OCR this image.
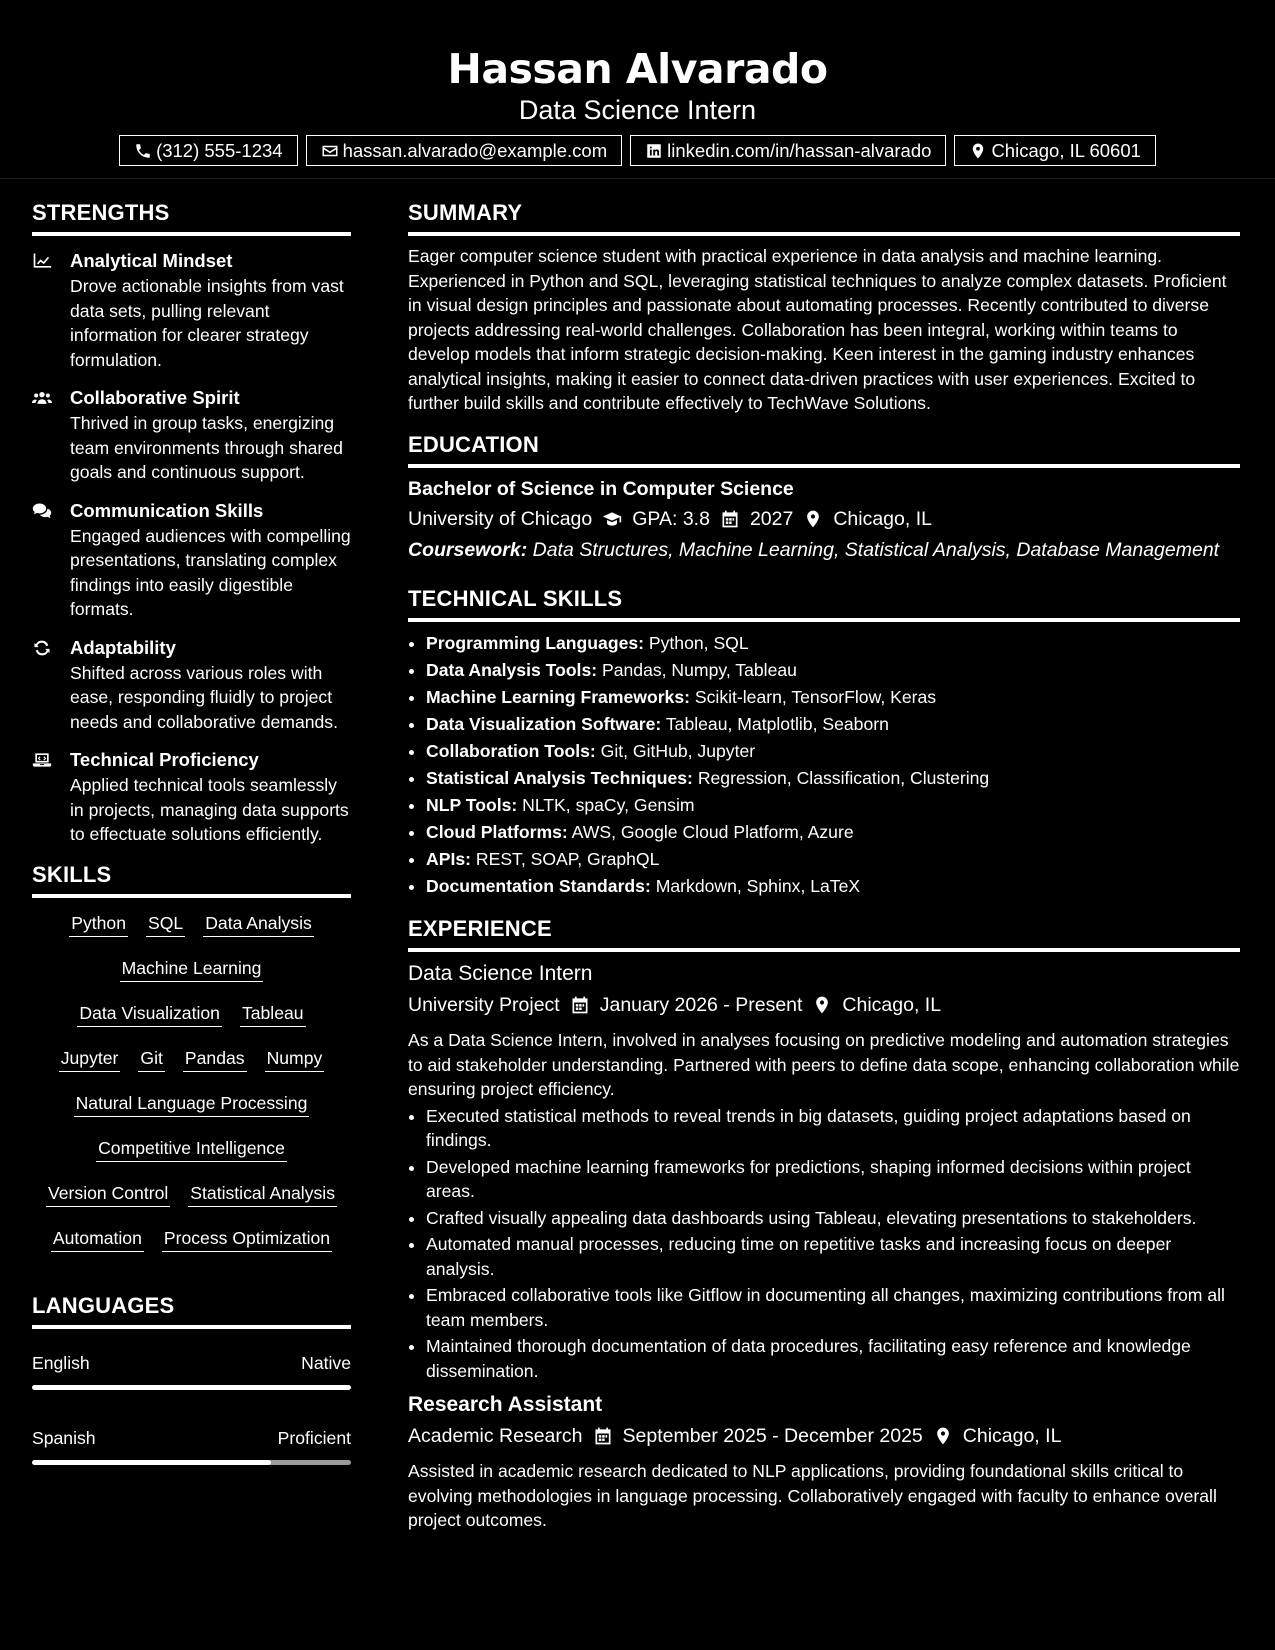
Hassan Alvarado
Data Science Intern
(312) 555-1234	hassan.alvarado@example.com	linkedin.com/in/hassan-alvarado	Chicago, IL 60601
STRENGTHS
Analytical Mindset
Drove actionable insights from vast data sets, pulling relevant information for clearer strategy formulation.
Collaborative Spirit
Thrived in group tasks, energizing team environments through shared goals and continuous support.
Communication Skills
Engaged audiences with compelling presentations, translating complex findings into easily digestible formats.
Adaptability
Shifted across various roles with ease, responding fluidly to project needs and collaborative demands.
Technical Proficiency
Applied technical tools seamlessly in projects, managing data supports to effectuate solutions efficiently.
SKILLS
Python SQL Data Analysis
Machine Learning
Data Visualization Tableau
Jupyter Git Pandas Numpy
Natural Language Processing
Competitive Intelligence
Version Control Statistical Analysis
Automation Process Optimization
LANGUAGES
English	Native
Spanish	Proficient
SUMMARY
Eager computer science student with practical experience in data analysis and machine learning. Experienced in Python and SQL, leveraging statistical techniques to analyze complex datasets. Proficient in visual design principles and passionate about automating processes. Recently contributed to diverse projects addressing real-world challenges. Collaboration has been integral, working within teams to develop models that inform strategic decision-making. Keen interest in the gaming industry enhances analytical insights, making it easier to connect data-driven practices with user experiences. Excited to further build skills and contribute effectively to TechWave Solutions.
EDUCATION
Bachelor of Science in Computer Science
University of Chicago GPA: 3.8 2027 Chicago, IL
Coursework: Data Structures, Machine Learning, Statistical Analysis, Database Management
TECHNICAL SKILLS
• Programming Languages: Python, SQL
• Data Analysis Tools: Pandas, Numpy, Tableau
• Machine Learning Frameworks: Scikit-learn, TensorFlow, Keras
• Data Visualization Software: Tableau, Matplotlib, Seaborn
• Collaboration Tools: Git, GitHub, Jupyter
• Statistical Analysis Techniques: Regression, Classification, Clustering
• NLP Tools: NLTK, spaCy, Gensim
• Cloud Platforms: AWS, Google Cloud Platform, Azure
• APIs: REST, SOAP, GraphQL
• Documentation Standards: Markdown, Sphinx, LaTeX
EXPERIENCE
Data Science Intern
University Project January 2026 - Present Chicago, IL
As a Data Science Intern, involved in analyses focusing on predictive modeling and automation strategies to aid stakeholder understanding. Partnered with peers to define data scope, enhancing collaboration while ensuring project efficiency.
• Executed statistical methods to reveal trends in big datasets, guiding project adaptations based on findings.
• Developed machine learning frameworks for predictions, shaping informed decisions within project areas.
• Crafted visually appealing data dashboards using Tableau, elevating presentations to stakeholders.
• Automated manual processes, reducing time on repetitive tasks and increasing focus on deeper analysis.
• Embraced collaborative tools like Gitflow in documenting all changes, maximizing contributions from all team members.
• Maintained thorough documentation of data procedures, facilitating easy reference and knowledge dissemination.
Research Assistant
Academic Research September 2025 - December 2025 Chicago, IL
Assisted in academic research dedicated to NLP applications, providing foundational skills critical to evolving methodologies in language processing. Collaboratively engaged with faculty to enhance overall project outcomes.
